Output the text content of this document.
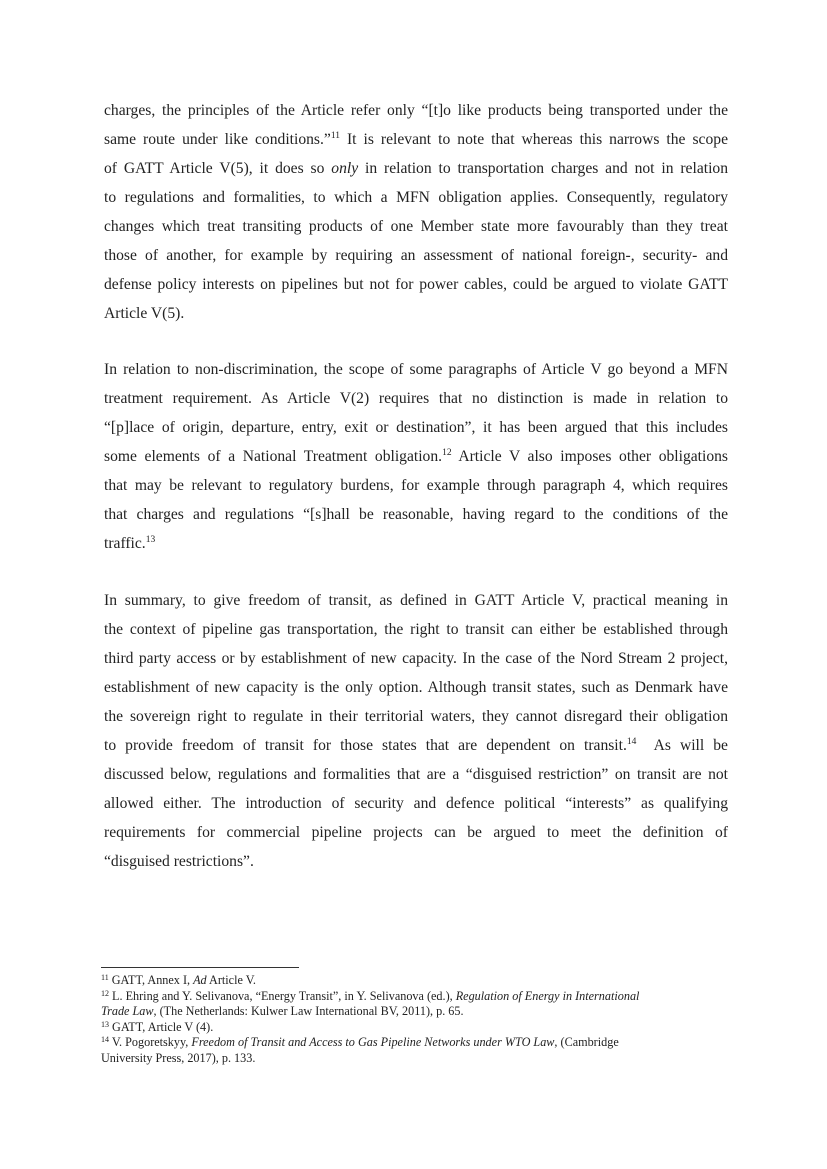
charges, the principles of the Article refer only “[t]o like products being transported under the
same route under like conditions.”$^{11}$ It is relevant to note that whereas this narrows the scope
of GATT Article V(5), it does so only in relation to transportation charges and not in relation
to regulations and formalities, to which a MFN obligation applies. Consequently, regulatory
changes which treat transiting products of one Member state more favourably than they treat
those of another, for example by requiring an assessment of national foreign-, security- and
defense policy interests on pipelines but not for power cables, could be argued to violate GATT
Article V(5).
In relation to non-discrimination, the scope of some paragraphs of Article V go beyond a MFN
treatment requirement. As Article V(2) requires that no distinction is made in relation to
“[p]lace of origin, departure, entry, exit or destination”, it has been argued that this includes
some elements of a National Treatment obligation.$^{12}$ Article V also imposes other obligations
that may be relevant to regulatory burdens, for example through paragraph 4, which requires
that charges and regulations “[s]hall be reasonable, having regard to the conditions of the
traffic.$^{13}$
In summary, to give freedom of transit, as defined in GATT Article V, practical meaning in
the context of pipeline gas transportation, the right to transit can either be established through
third party access or by establishment of new capacity. In the case of the Nord Stream 2 project,
establishment of new capacity is the only option. Although transit states, such as Denmark have
the sovereign right to regulate in their territorial waters, they cannot disregard their obligation
to provide freedom of transit for those states that are dependent on transit.$^{14}$  As will be
discussed below, regulations and formalities that are a “disguised restriction” on transit are not
allowed either. The introduction of security and defence political “interests” as qualifying
requirements for commercial pipeline projects can be argued to meet the definition of
“disguised restrictions”.
$^{11}$ GATT, Annex I, Ad Article V.
$^{12}$ L. Ehring and Y. Selivanova, “Energy Transit”, in Y. Selivanova (ed.), Regulation of Energy in International
Trade Law, (The Netherlands: Kulwer Law International BV, 2011), p. 65.
$^{13}$ GATT, Article V (4).
$^{14}$ V. Pogoretskyy, Freedom of Transit and Access to Gas Pipeline Networks under WTO Law, (Cambridge
University Press, 2017), p. 133.
